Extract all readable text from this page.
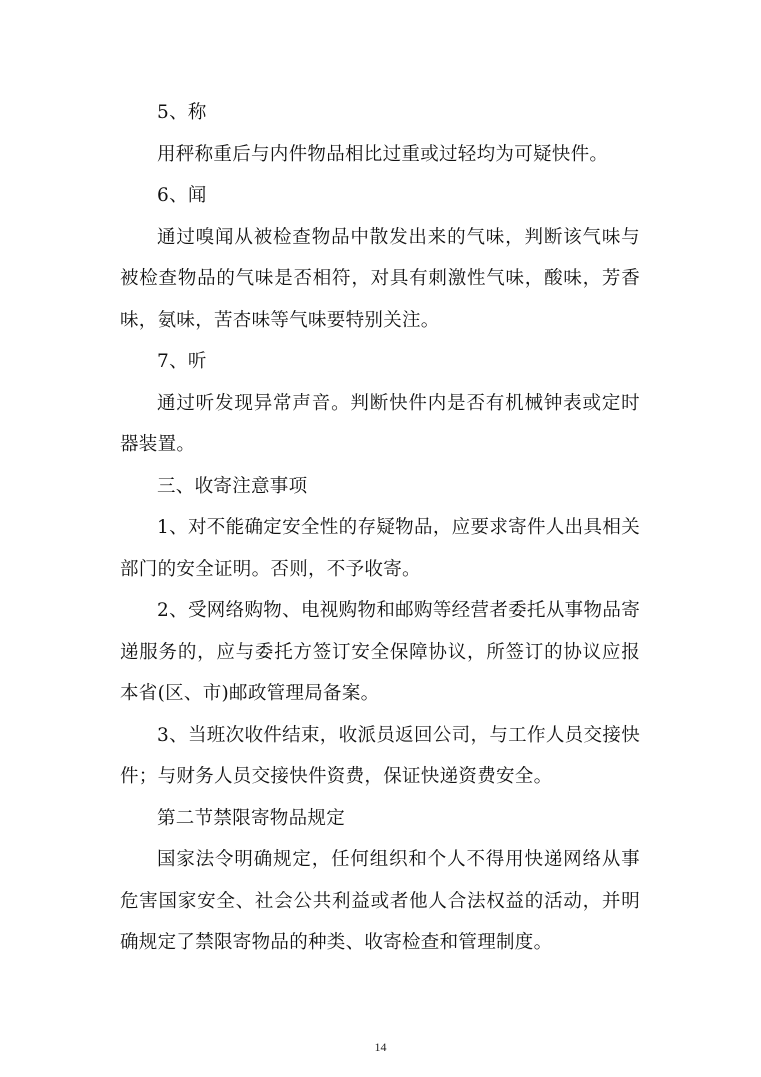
5、称

用秤称重后与内件物品相比过重或过轻均为可疑快件。

6、闻

通过嗅闻从被检查物品中散发出来的气味，判断该气味与被检查物品的气味是否相符，对具有刺激性气味，酸味，芳香味，氨味，苦杏味等气味要特别关注。

7、听

通过听发现异常声音。判断快件内是否有机械钟表或定时器装置。

三、收寄注意事项

1、对不能确定安全性的存疑物品，应要求寄件人出具相关部门的安全证明。否则，不予收寄。

2、受网络购物、电视购物和邮购等经营者委托从事物品寄递服务的，应与委托方签订安全保障协议，所签订的协议应报本省(区、市)邮政管理局备案。

3、当班次收件结束，收派员返回公司，与工作人员交接快件；与财务人员交接快件资费，保证快递资费安全。

第二节禁限寄物品规定

国家法令明确规定，任何组织和个人不得用快递网络从事危害国家安全、社会公共利益或者他人合法权益的活动，并明确规定了禁限寄物品的种类、收寄检查和管理制度。

14
